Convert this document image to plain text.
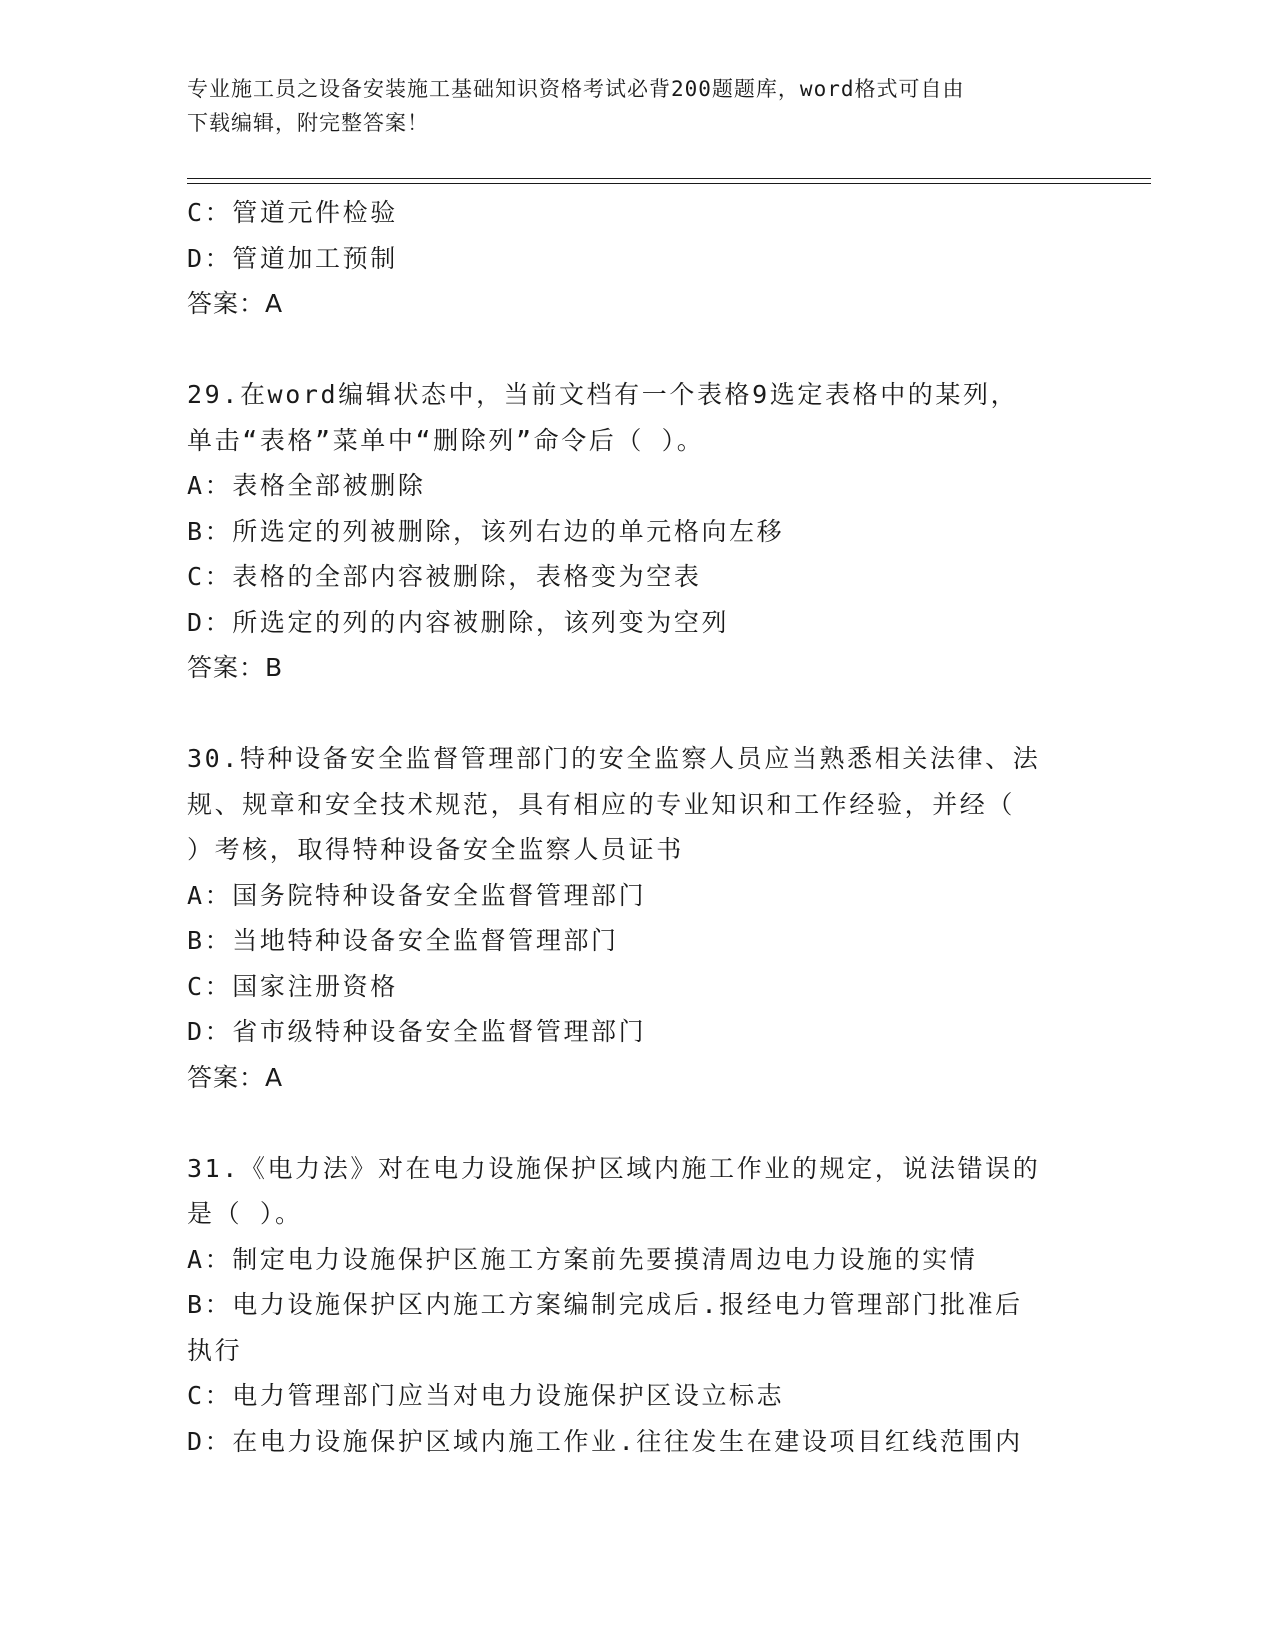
专业施工员之设备安装施工基础知识资格考试必背200题题库，word格式可自由
下载编辑，附完整答案！
C：管道元件检验
D：管道加工预制
答案：A
29.在word编辑状态中，当前文档有一个表格9选定表格中的某列，
单击“表格”菜单中“删除列”命令后（ ）。
A：表格全部被删除
B：所选定的列被删除，该列右边的单元格向左移
C：表格的全部内容被删除，表格变为空表
D：所选定的列的内容被删除，该列变为空列
答案：B
30.特种设备安全监督管理部门的安全监察人员应当熟悉相关法律、法
规、规章和安全技术规范，具有相应的专业知识和工作经验，并经（
）考核，取得特种设备安全监察人员证书
A：国务院特种设备安全监督管理部门
B：当地特种设备安全监督管理部门
C：国家注册资格
D：省市级特种设备安全监督管理部门
答案：A
31.《电力法》对在电力设施保护区域内施工作业的规定，说法错误的
是（ ）。
A：制定电力设施保护区施工方案前先要摸清周边电力设施的实情
B：电力设施保护区内施工方案编制完成后.报经电力管理部门批准后
执行
C：电力管理部门应当对电力设施保护区设立标志
D：在电力设施保护区域内施工作业.往往发生在建设项目红线范围内
